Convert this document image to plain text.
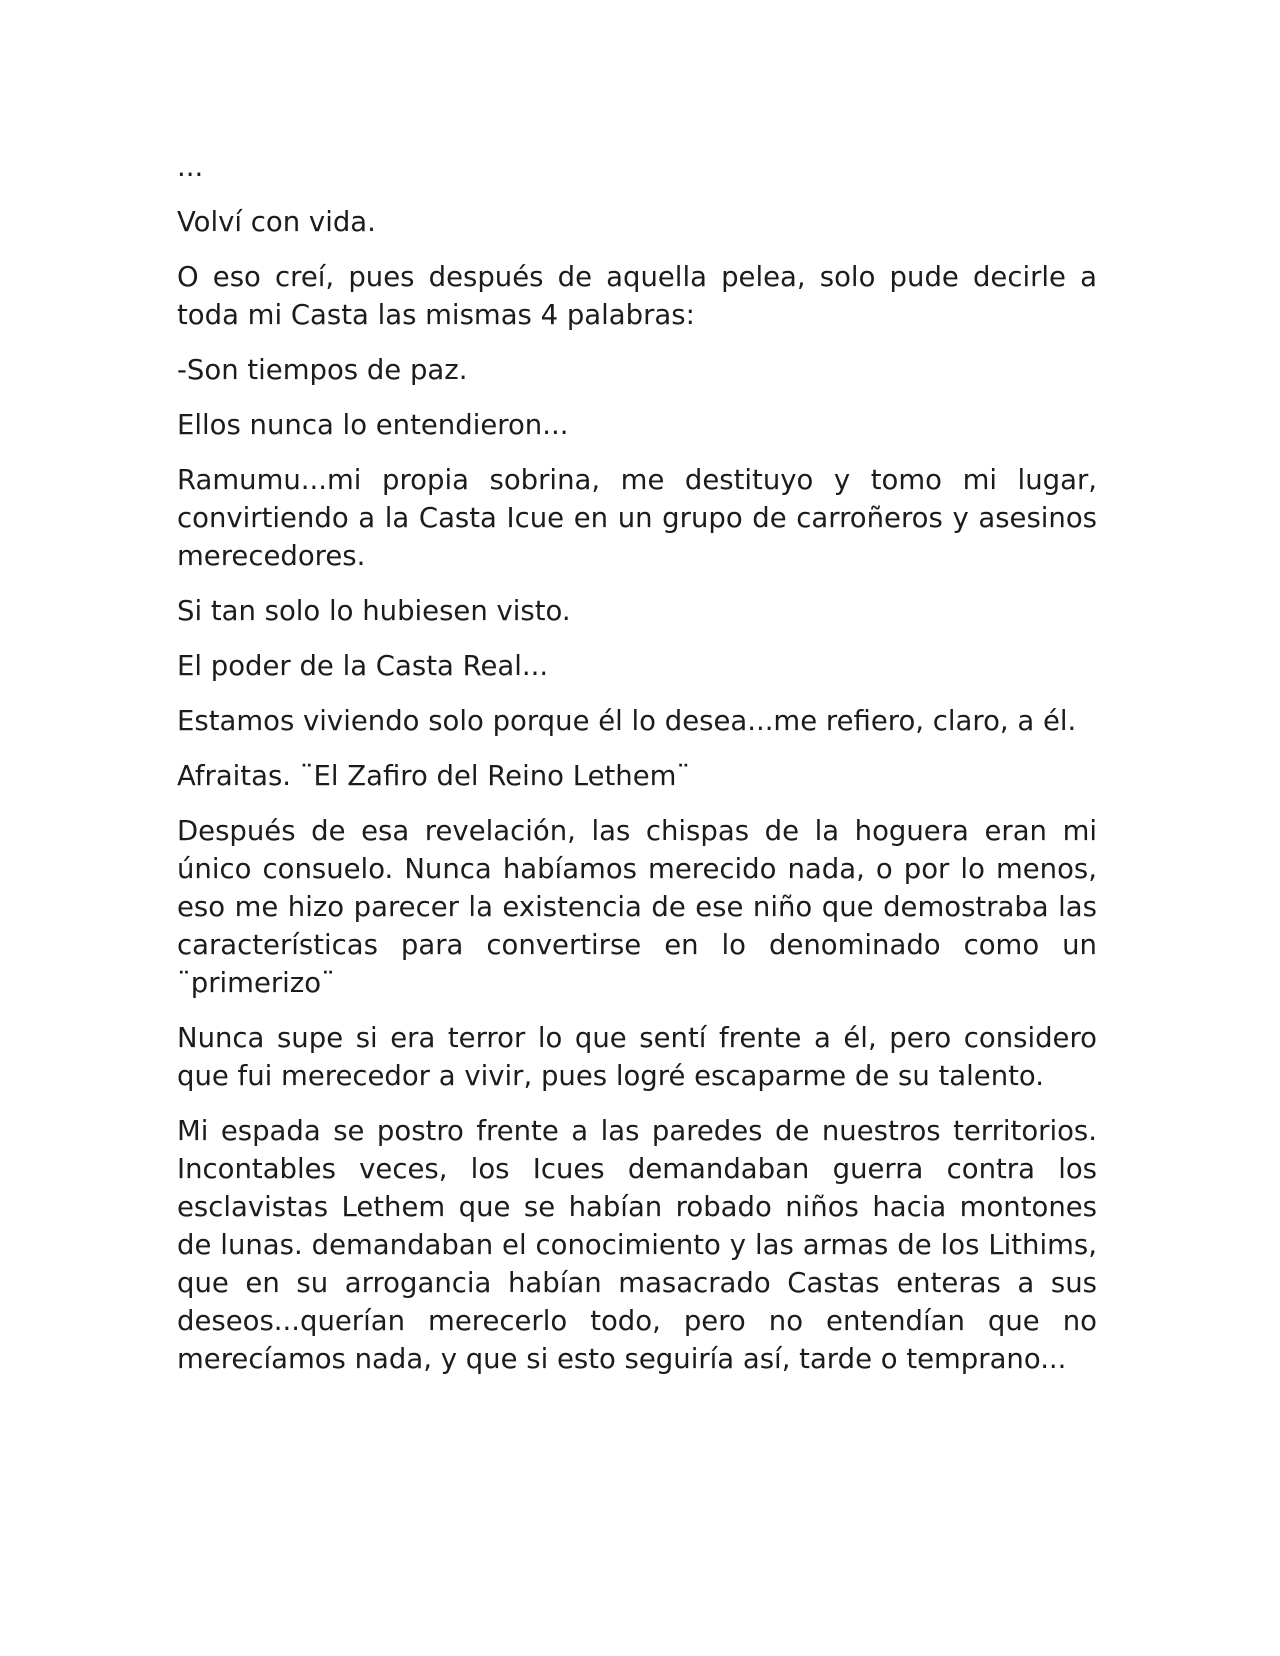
...

Volví con vida.

O eso creí, pues después de aquella pelea, solo pude decirle a toda mi Casta las mismas 4 palabras:

-Son tiempos de paz.

Ellos nunca lo entendieron...

Ramumu...mi propia sobrina, me destituyo y tomo mi lugar, convirtiendo a la Casta Icue en un grupo de carroñeros y asesinos merecedores.

Si tan solo lo hubiesen visto.

El poder de la Casta Real...

Estamos viviendo solo porque él lo desea...me refiero, claro, a él.

Afraitas. ¨El Zafiro del Reino Lethem¨

Después de esa revelación, las chispas de la hoguera eran mi único consuelo. Nunca habíamos merecido nada, o por lo menos, eso me hizo parecer la existencia de ese niño que demostraba las características para convertirse en lo denominado como un ¨primerizo¨

Nunca supe si era terror lo que sentí frente a él, pero considero que fui merecedor a vivir, pues logré escaparme de su talento.

Mi espada se postro frente a las paredes de nuestros territorios. Incontables veces, los Icues demandaban guerra contra los esclavistas Lethem que se habían robado niños hacia montones de lunas. demandaban el conocimiento y las armas de los Lithims, que en su arrogancia habían masacrado Castas enteras a sus deseos...querían merecerlo todo, pero no entendían que no merecíamos nada, y que si esto seguiría así, tarde o temprano...
